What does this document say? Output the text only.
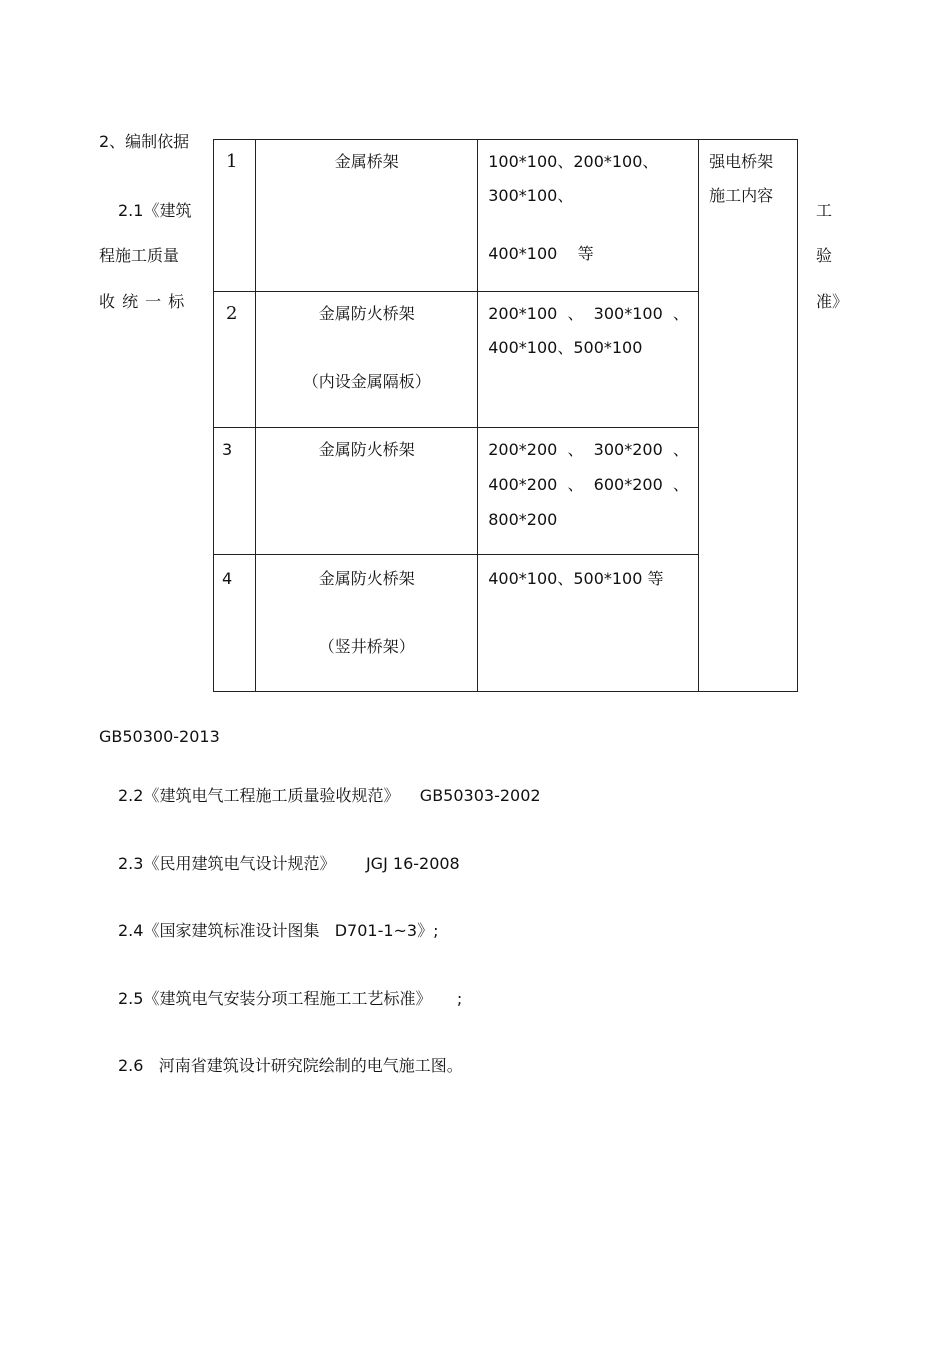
2、编制依据
2.1《建筑
程施工质量
收 统 一 标
工
验
准》
1	金属桥架	100*100、200*100、
300*100、
400*100    等	强电桥架
施工内容

2	金属防火桥架
（内设金属隔板）	200*100  、  300*100  、
400*100、500*100	

3	金属防火桥架	200*200  、  300*200  、
400*200  、  600*200  、
800*200	

4	金属防火桥架
（竖井桥架）	400*100、500*100 等	
GB50300-2013
2.2《建筑电气工程施工质量验收规范》    GB50303-2002
2.3《民用建筑电气设计规范》      JGJ 16-2008
2.4《国家建筑标准设计图集   D701-1~3》;
2.5《建筑电气安装分项工程施工工艺标准》     ;
2.6   河南省建筑设计研究院绘制的电气施工图。
